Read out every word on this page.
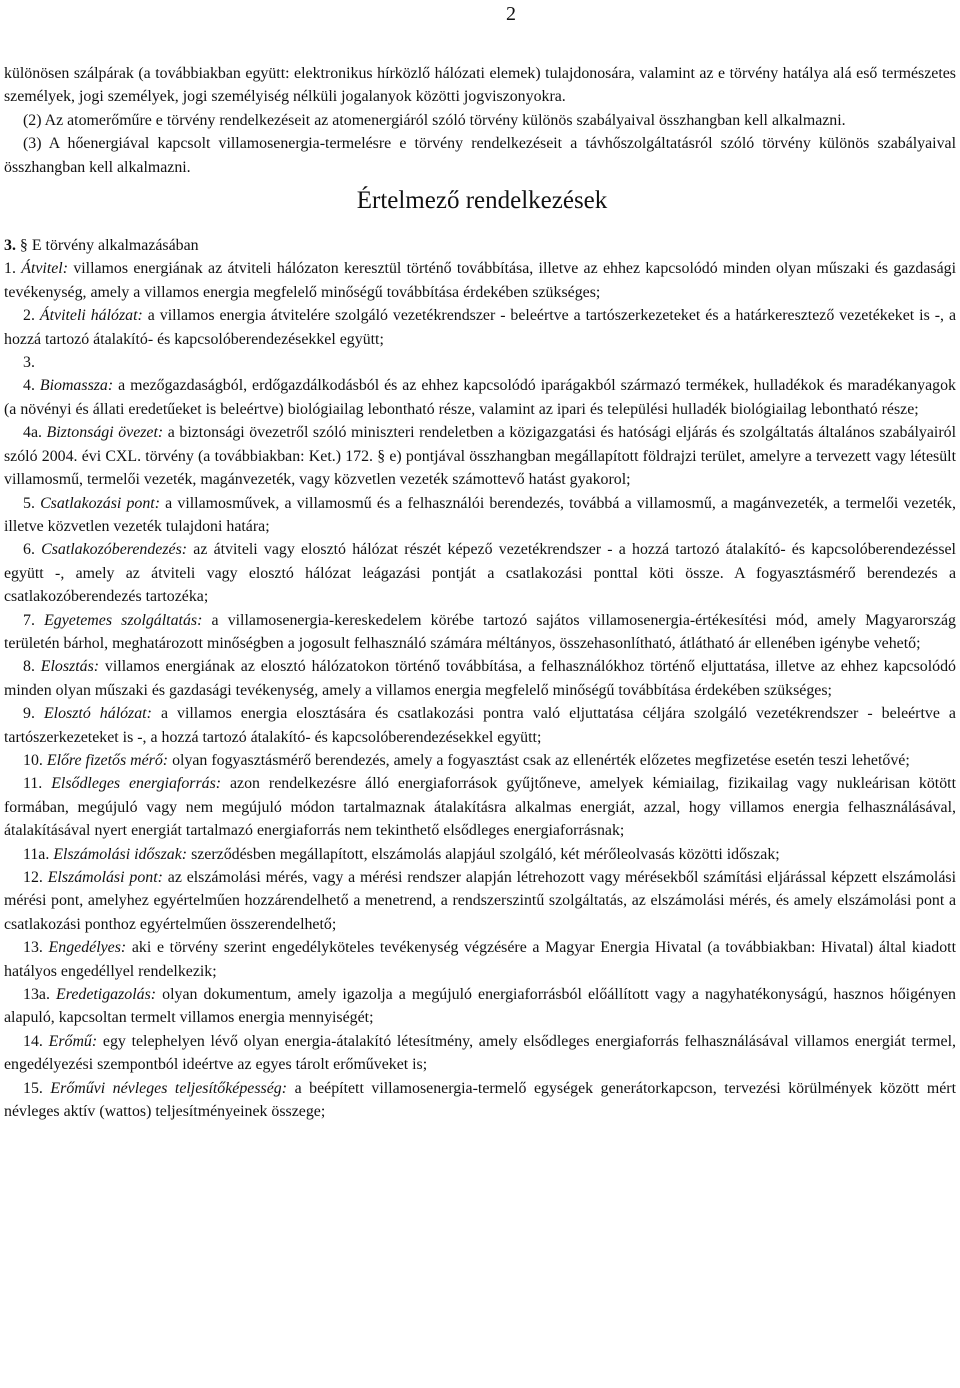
2

különösen szálpárak (a továbbiakban együtt: elektronikus hírközlő hálózati elemek) tulajdonosára, valamint az e törvény hatálya alá eső természetes személyek, jogi személyek, jogi személyiség nélküli jogalanyok közötti jogviszonyokra.

(2) Az atomerőműre e törvény rendelkezéseit az atomenergiáról szóló törvény különös szabályaival összhangban kell alkalmazni.

(3) A hőenergiával kapcsolt villamosenergia-termelésre e törvény rendelkezéseit a távhőszolgáltatásról szóló törvény különös szabályaival összhangban kell alkalmazni.

Értelmező rendelkezések

3. § E törvény alkalmazásában

1. Átvitel: villamos energiának az átviteli hálózaton keresztül történő továbbítása, illetve az ehhez kapcsolódó minden olyan műszaki és gazdasági tevékenység, amely a villamos energia megfelelő minőségű továbbítása érdekében szükséges;

2. Átviteli hálózat: a villamos energia átvitelére szolgáló vezetékrendszer - beleértve a tartószerkezeteket és a határkeresztező vezetékeket is -, a hozzá tartozó átalakító- és kapcsolóberendezésekkel együtt;

3.

4. Biomassza: a mezőgazdaságból, erdőgazdálkodásból és az ehhez kapcsolódó iparágakból származó termékek, hulladékok és maradékanyagok (a növényi és állati eredetűeket is beleértve) biológiailag lebontható része, valamint az ipari és települési hulladék biológiailag lebontható része;

4a. Biztonsági övezet: a biztonsági övezetről szóló miniszteri rendeletben a közigazgatási és hatósági eljárás és szolgáltatás általános szabályairól szóló 2004. évi CXL. törvény (a továbbiakban: Ket.) 172. § e) pontjával összhangban megállapított földrajzi terület, amelyre a tervezett vagy létesült villamosmű, termelői vezeték, magánvezeték, vagy közvetlen vezeték számottevő hatást gyakorol;

5. Csatlakozási pont: a villamosművek, a villamosmű és a felhasználói berendezés, továbbá a villamosmű, a magánvezeték, a termelői vezeték, illetve közvetlen vezeték tulajdoni határa;

6. Csatlakozóberendezés: az átviteli vagy elosztó hálózat részét képező vezetékrendszer - a hozzá tartozó átalakító- és kapcsolóberendezéssel együtt -, amely az átviteli vagy elosztó hálózat leágazási pontját a csatlakozási ponttal köti össze. A fogyasztásmérő berendezés a csatlakozóberendezés tartozéka;

7. Egyetemes szolgáltatás: a villamosenergia-kereskedelem körébe tartozó sajátos villamosenergia-értékesítési mód, amely Magyarország területén bárhol, meghatározott minőségben a jogosult felhasználó számára méltányos, összehasonlítható, átlátható ár ellenében igénybe vehető;

8. Elosztás: villamos energiának az elosztó hálózatokon történő továbbítása, a felhasználókhoz történő eljuttatása, illetve az ehhez kapcsolódó minden olyan műszaki és gazdasági tevékenység, amely a villamos energia megfelelő minőségű továbbítása érdekében szükséges;

9. Elosztó hálózat: a villamos energia elosztására és csatlakozási pontra való eljuttatása céljára szolgáló vezetékrendszer - beleértve a tartószerkezeteket is -, a hozzá tartozó átalakító- és kapcsolóberendezésekkel együtt;

10. Előre fizetős mérő: olyan fogyasztásmérő berendezés, amely a fogyasztást csak az ellenérték előzetes megfizetése esetén teszi lehetővé;

11. Elsődleges energiaforrás: azon rendelkezésre álló energiaforrások gyűjtőneve, amelyek kémiailag, fizikailag vagy nukleárisan kötött formában, megújuló vagy nem megújuló módon tartalmaznak átalakításra alkalmas energiát, azzal, hogy villamos energia felhasználásával, átalakításával nyert energiát tartalmazó energiaforrás nem tekinthető elsődleges energiaforrásnak;

11a. Elszámolási időszak: szerződésben megállapított, elszámolás alapjául szolgáló, két mérőleolvasás közötti időszak;

12. Elszámolási pont: az elszámolási mérés, vagy a mérési rendszer alapján létrehozott vagy mérésekből számítási eljárással képzett elszámolási mérési pont, amelyhez egyértelműen hozzárendelhető a menetrend, a rendszerszintű szolgáltatás, az elszámolási mérés, és amely elszámolási pont a csatlakozási ponthoz egyértelműen összerendelhető;

13. Engedélyes: aki e törvény szerint engedélyköteles tevékenység végzésére a Magyar Energia Hivatal (a továbbiakban: Hivatal) által kiadott hatályos engedéllyel rendelkezik;

13a. Eredetigazolás: olyan dokumentum, amely igazolja a megújuló energiaforrásból előállított vagy a nagyhatékonyságú, hasznos hőigényen alapuló, kapcsoltan termelt villamos energia mennyiségét;

14. Erőmű: egy telephelyen lévő olyan energia-átalakító létesítmény, amely elsődleges energiaforrás felhasználásával villamos energiát termel, engedélyezési szempontból ideértve az egyes tárolt erőműveket is;

15. Erőművi névleges teljesítőképesség: a beépített villamosenergia-termelő egységek generátorkapcson, tervezési körülmények között mért névleges aktív (wattos) teljesítményeinek összege;
